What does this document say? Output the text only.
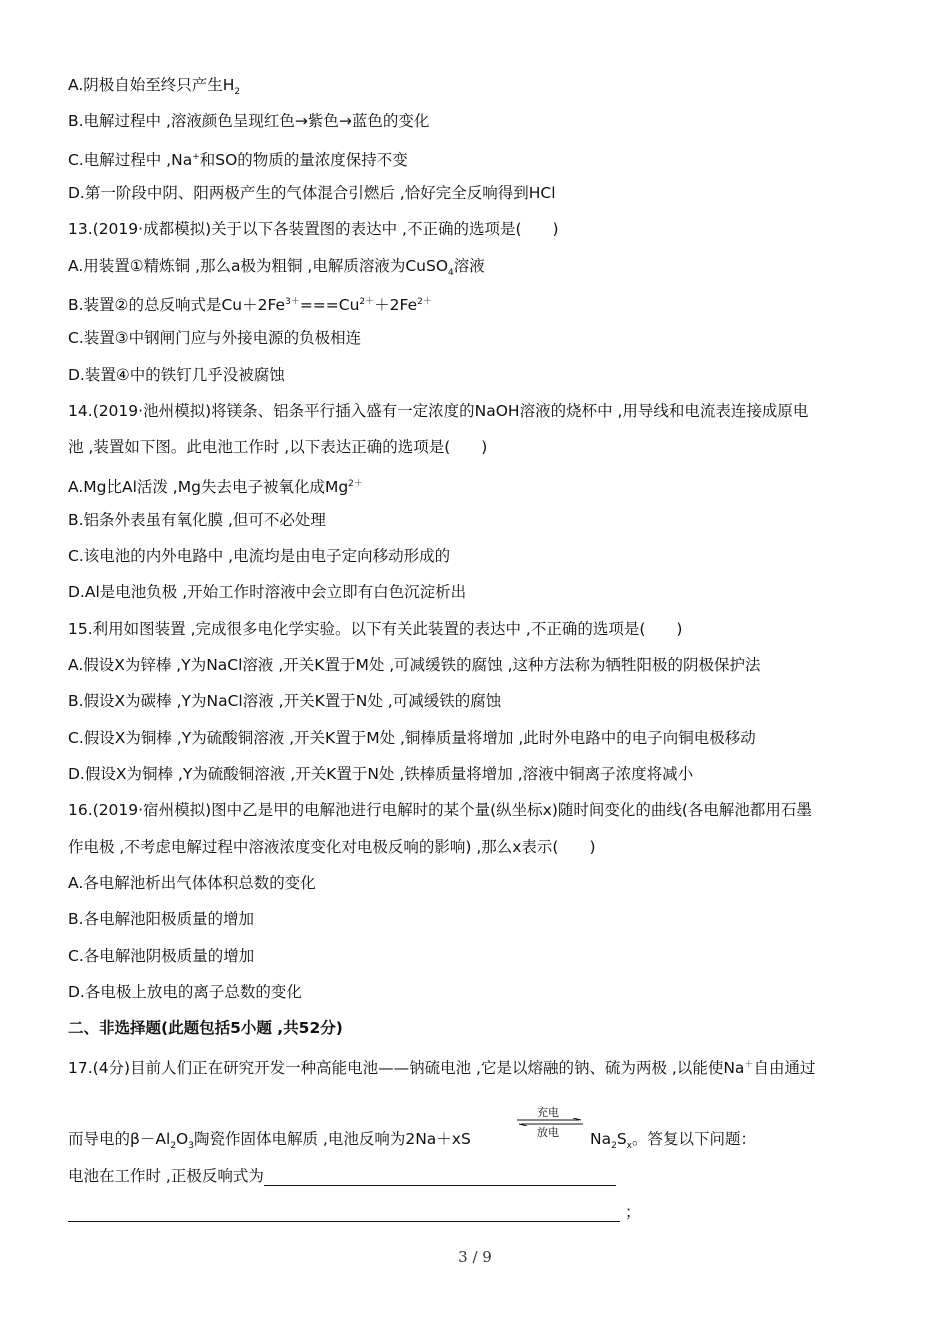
A.阴极自始至终只产生$H_2$
B.电解过程中 ,溶液颜色呈现红色→紫色→蓝色的变化
C.电解过程中 ,Na+和SO的物质的量浓度保持不变
D.第一阶段中阴、阳两极产生的气体混合引燃后 ,恰好完全反响得到HCl
13.(2019·成都模拟)关于以下各装置图的表达中 ,不正确的选项是(　　)
A.用装置①精炼铜 ,那么a极为粗铜 ,电解质溶液为CuSO$_4$溶液
B.装置②的总反响式是$Cu+2Fe^{3+}===Cu^{2+}+2Fe^{2+}$
C.装置③中钢闸门应与外接电源的负极相连
D.装置④中的铁钉几乎没被腐蚀
14.(2019·池州模拟)将镁条、铝条平行插入盛有一定浓度的NaOH溶液的烧杯中 ,用导线和电流表连接成原电
池 ,装置如下图。此电池工作时 ,以下表达正确的选项是(　　)
A.Mg比Al活泼 ,Mg失去电子被氧化成$Mg^{2+}$
B.铝条外表虽有氧化膜 ,但可不必处理
C.该电池的内外电路中 ,电流均是由电子定向移动形成的
D.Al是电池负极 ,开始工作时溶液中会立即有白色沉淀析出
15.利用如图装置 ,完成很多电化学实验。以下有关此装置的表达中 ,不正确的选项是(　　)
A.假设X为锌棒 ,Y为NaCl溶液 ,开关K置于M处 ,可减缓铁的腐蚀 ,这种方法称为牺牲阳极的阴极保护法
B.假设X为碳棒 ,Y为NaCl溶液 ,开关K置于N处 ,可减缓铁的腐蚀
C.假设X为铜棒 ,Y为硫酸铜溶液 ,开关K置于M处 ,铜棒质量将增加 ,此时外电路中的电子向铜电极移动
D.假设X为铜棒 ,Y为硫酸铜溶液 ,开关K置于N处 ,铁棒质量将增加 ,溶液中铜离子浓度将减小
16.(2019·宿州模拟)图中乙是甲的电解池进行电解时的某个量(纵坐标x)随时间变化的曲线(各电解池都用石墨
作电极 ,不考虑电解过程中溶液浓度变化对电极反响的影响) ,那么x表示(　　)
A.各电解池析出气体体积总数的变化
B.各电解池阳极质量的增加
C.各电解池阴极质量的增加
D.各电极上放电的离子总数的变化
二、非选择题(此题包括5小题 ,共52分)
17.(4分)目前人们正在研究开发一种高能电池——钠硫电池 ,它是以熔融的钠、硫为两极 ,以能使Na＋自由通过
而导电的$\beta-Al_2O_3$陶瓷作固体电解质 ,电池反响为2Na＋xS
充电
放电 $Na_2S_x$。答复以下问题：
电池在工作时 ,正极反响式为
；
3 / 9
